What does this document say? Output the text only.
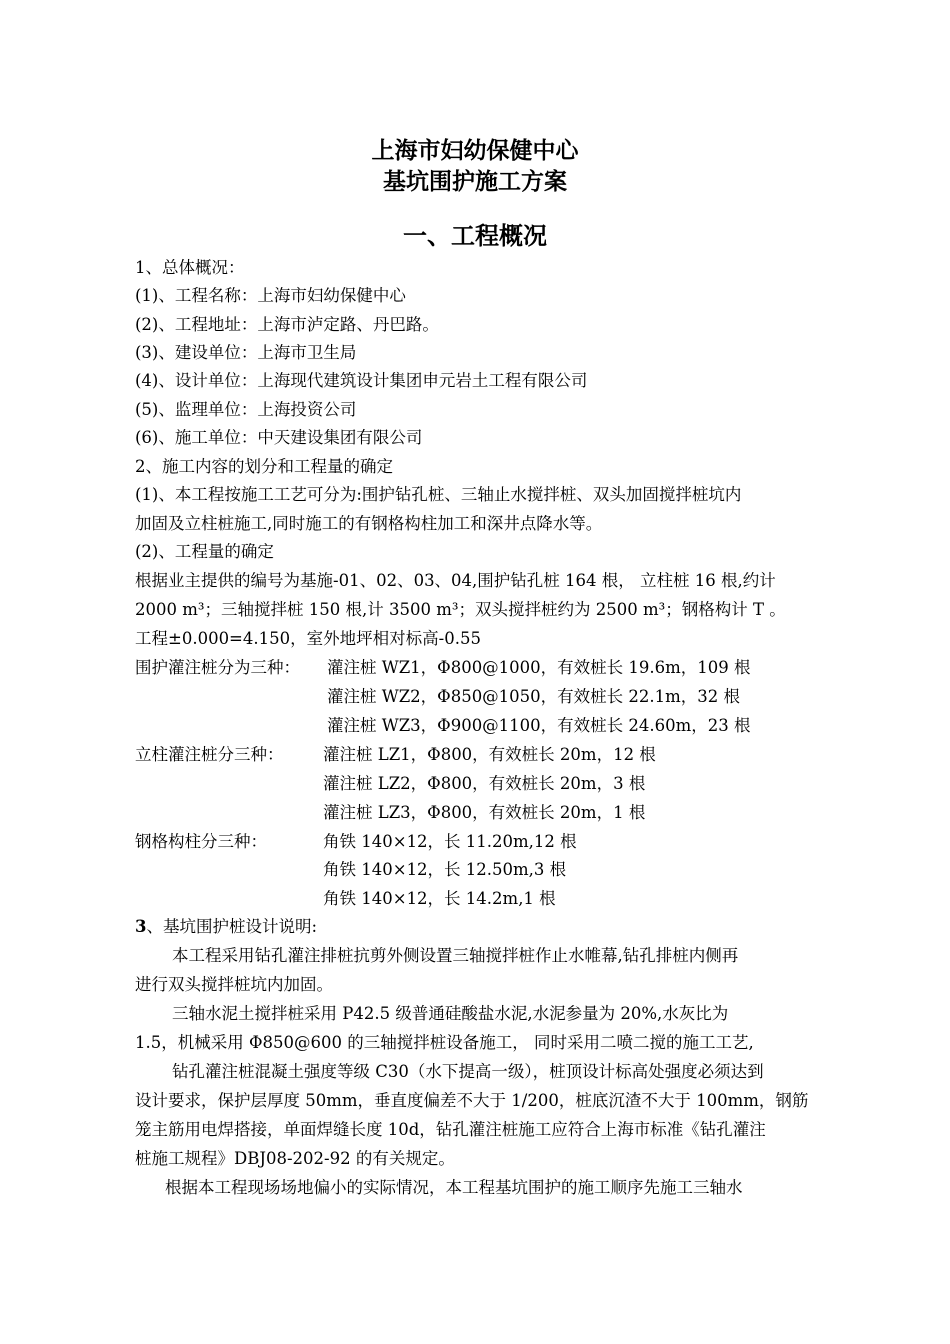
上海市妇幼保健中心
基坑围护施工方案
一、工程概况
1、总体概况：
(1)、工程名称：上海市妇幼保健中心
(2)、工程地址：上海市泸定路、丹巴路。
(3)、建设单位：上海市卫生局
(4)、设计单位：上海现代建筑设计集团申元岩土工程有限公司
(5)、监理单位：上海投资公司
(6)、施工单位：中天建设集团有限公司
2、施工内容的划分和工程量的确定
(1)、本工程按施工工艺可分为:围护钻孔桩、三轴止水搅拌桩、双头加固搅拌桩坑内
加固及立柱桩施工,同时施工的有钢格构柱加工和深井点降水等。
(2)、工程量的确定
根据业主提供的编号为基施-01、02、03、04,围护钻孔桩 164 根， 立柱桩 16 根,约计
2000 m³；三轴搅拌桩 150 根,计 3500 m³；双头搅拌桩约为 2500 m³；钢格构计 T 。
工程±0.000=4.150，室外地坪相对标高-0.55
围护灌注桩分为三种： 灌注桩 WZ1，Φ800@1000，有效桩长 19.6m，109 根
灌注桩 WZ2，Φ850@1050，有效桩长 22.1m，32 根
灌注桩 WZ3，Φ900@1100，有效桩长 24.60m，23 根
立柱灌注桩分三种： 灌注桩 LZ1，Φ800，有效桩长 20m，12 根
灌注桩 LZ2，Φ800，有效桩长 20m，3 根
灌注桩 LZ3，Φ800，有效桩长 20m，1 根
钢格构柱分三种：	角铁 140×12，长 11.20m,12 根
角铁 140×12，长 12.50m,3 根
角铁 140×12，长 14.2m,1 根
3、基坑围护桩设计说明:
本工程采用钻孔灌注排桩抗剪外侧设置三轴搅拌桩作止水帷幕,钻孔排桩内侧再
进行双头搅拌桩坑内加固。
三轴水泥土搅拌桩采用 P42.5 级普通硅酸盐水泥,水泥参量为 20%,水灰比为
1.5，机械采用 Φ850@600 的三轴搅拌桩设备施工， 同时采用二喷二搅的施工工艺,
钻孔灌注桩混凝土强度等级 C30（水下提高一级），桩顶设计标高处强度必须达到
设计要求，保护层厚度 50mm，垂直度偏差不大于 1/200，桩底沉渣不大于 100mm，钢筋
笼主筋用电焊搭接，单面焊缝长度 10d，钻孔灌注桩施工应符合上海市标准《钻孔灌注
桩施工规程》DBJ08-202-92 的有关规定。
根据本工程现场场地偏小的实际情况，本工程基坑围护的施工顺序先施工三轴水
